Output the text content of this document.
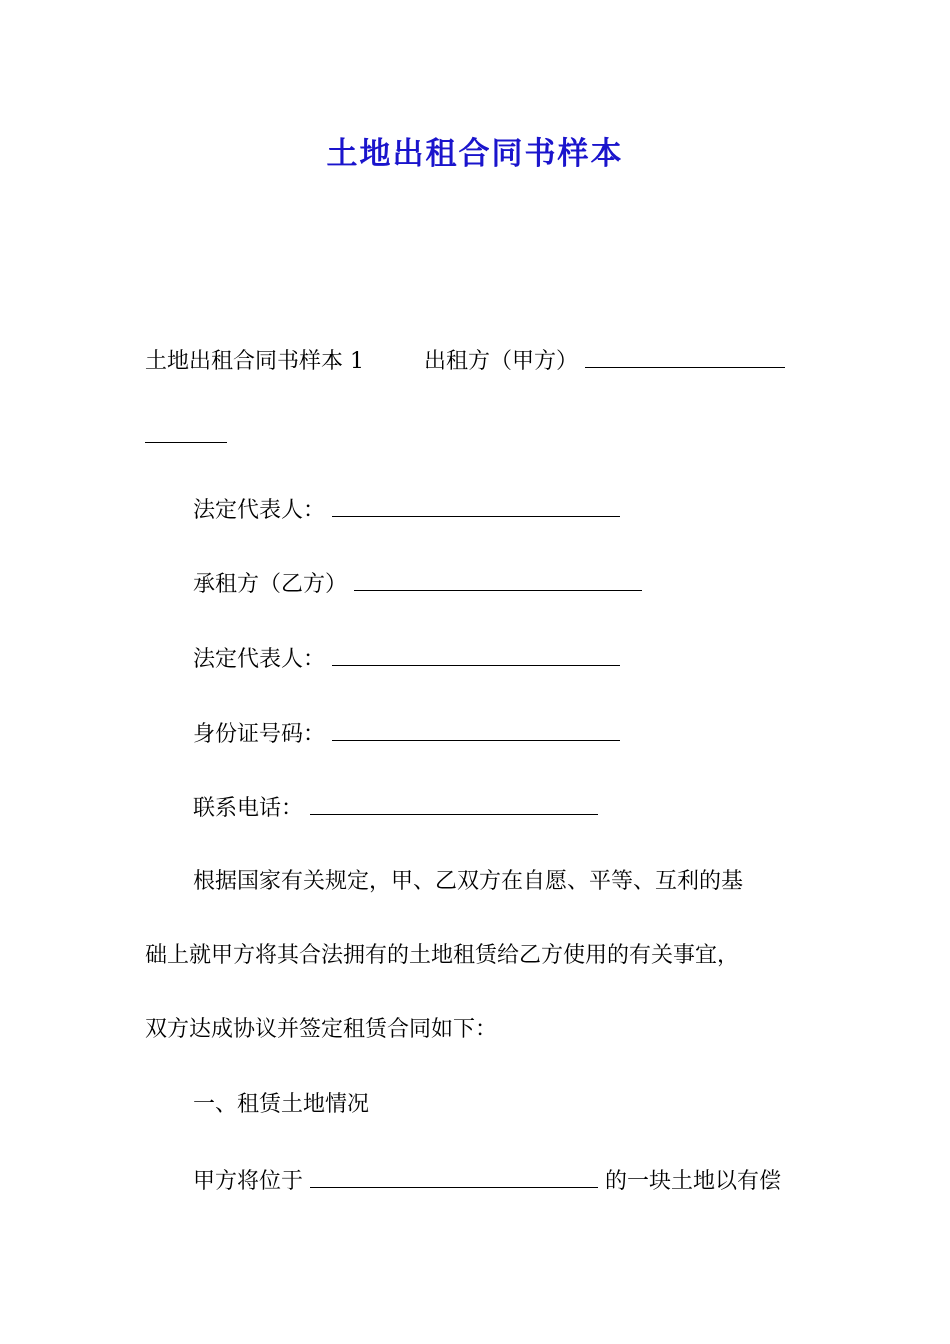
土地出租合同书样本
土地出租合同书样本 1	出租方（甲方）
法定代表人：
承租方（乙方）
法定代表人：
身份证号码：
联系电话：
根据国家有关规定，甲、乙双方在自愿、平等、互利的基
础上就甲方将其合法拥有的土地租赁给乙方使用的有关事宜，
双方达成协议并签定租赁合同如下：
一、租赁土地情况
甲方将位于	的一块土地以有偿
